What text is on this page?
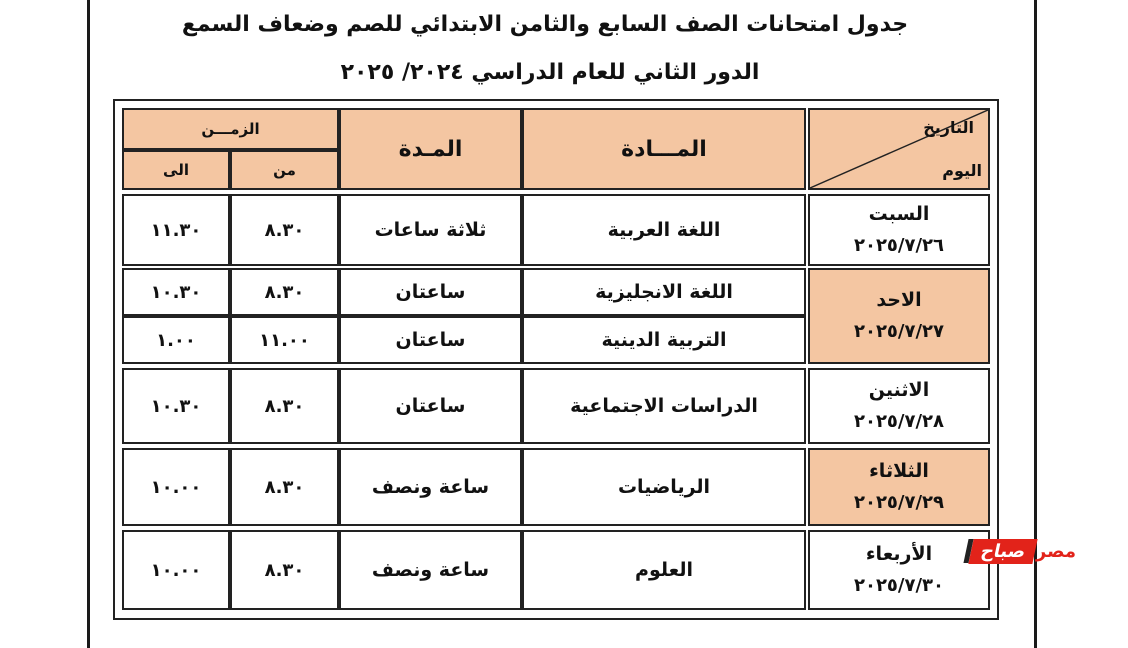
جدول امتحانات الصف السابع والثامن الابتدائي للصم وضعاف السمع
الدور الثاني للعام الدراسي ٢٠٢٤/ ٢٠٢٥
التاريخ
اليوم
المـــادة
المـدة
الزمـــن
من
الى
السبت
٢٠٢٥/٧/٢٦
اللغة العربية
ثلاثة ساعات
٨.٣٠
١١.٣٠
الاحد
٢٠٢٥/٧/٢٧
اللغة الانجليزية
ساعتان
٨.٣٠
١٠.٣٠
التربية الدينية
ساعتان
١١.٠٠
١.٠٠
الاثنين
٢٠٢٥/٧/٢٨
الدراسات الاجتماعية
ساعتان
٨.٣٠
١٠.٣٠
الثلاثاء
٢٠٢٥/٧/٢٩
الرياضيات
ساعة ونصف
٨.٣٠
١٠.٠٠
الأربعاء
٢٠٢٥/٧/٣٠
العلوم
ساعة ونصف
٨.٣٠
١٠.٠٠
مصر
صباح
